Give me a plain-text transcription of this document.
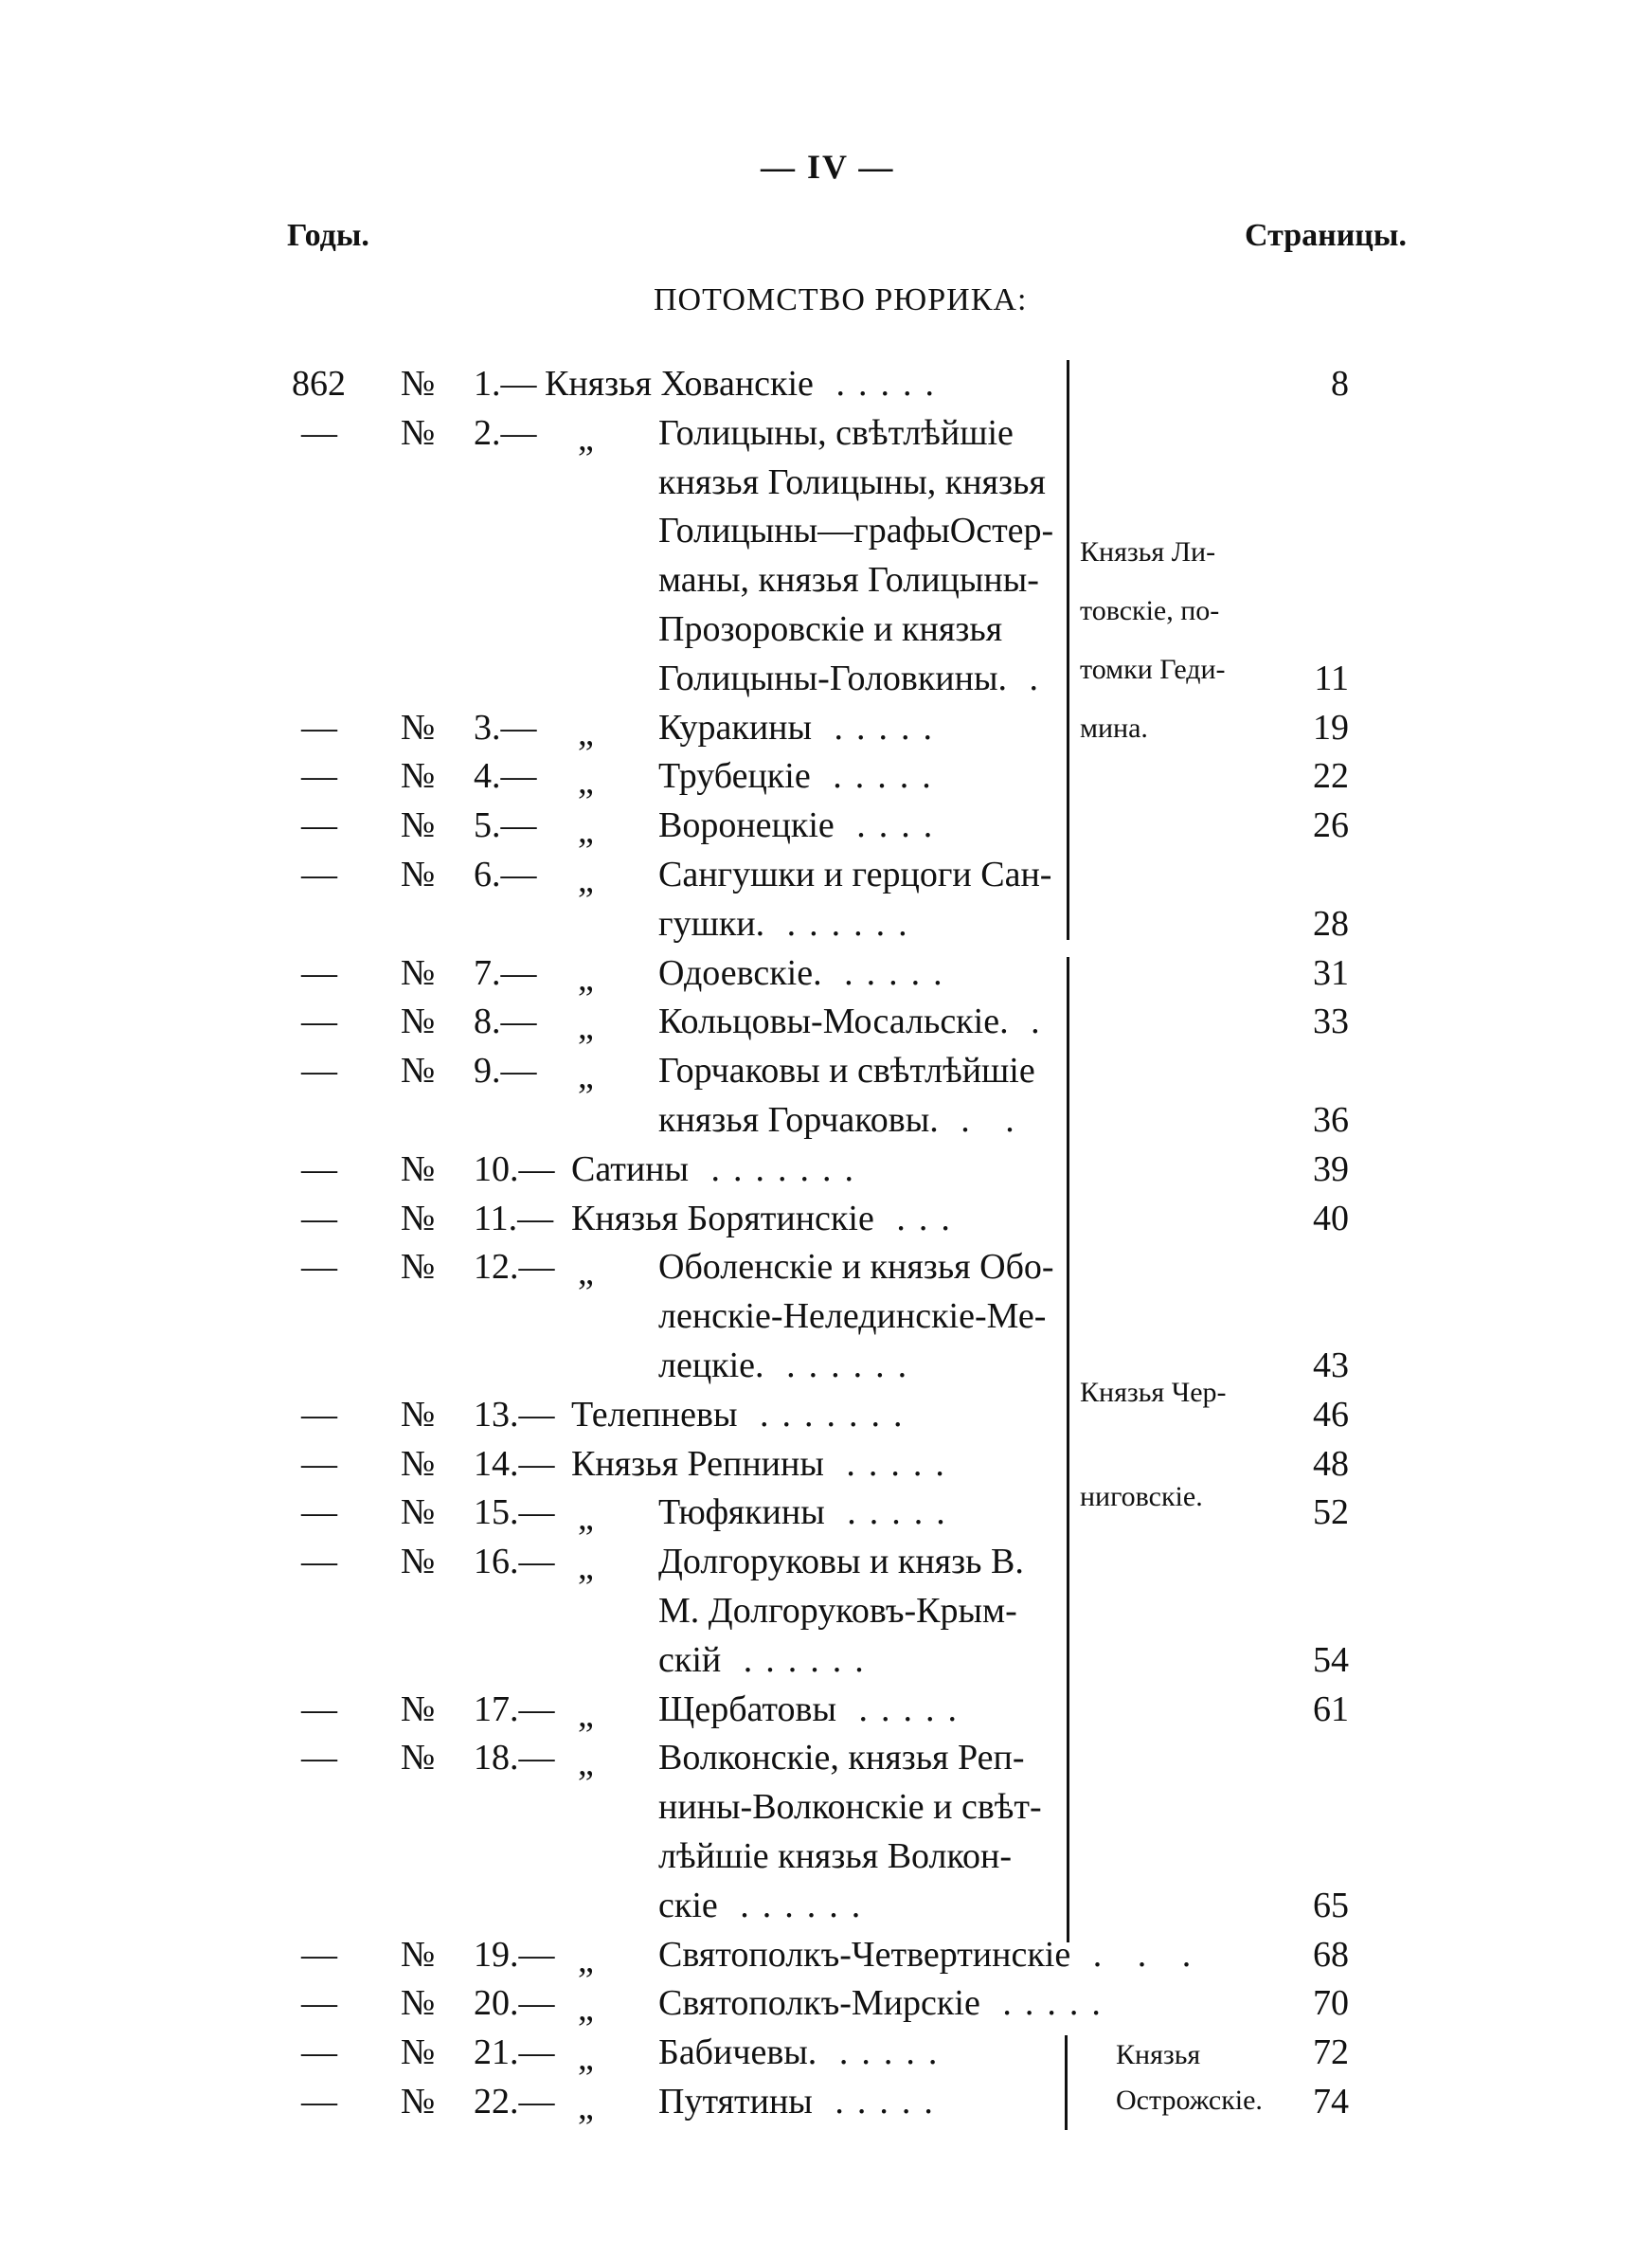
— IV —
Годы.	Страницы.
ПОТОМСТВО РЮРИКА:
862 № 1.— Князья Хованскіе .....	8
— № 2.— „ Голицыны, свѣтлѣйшіе
князья Голицыны, князья
Голицыны—графыОстер-
маны, князья Голицыны-
Прозоровскіе и князья
Голицыны-Головкины. .	11
— № 3.— „ Куракины .....	19
— № 4.— „ Трубецкіе .....	22
— № 5.— „ Воронецкіе ....	26
— № 6.— „ Сангушки и герцоги Сан-
гушки. ......	28
— № 7.— „ Одоевскіе. .....	31
— № 8.— „ Кольцовы-Мосальскіе. .	33
— № 9.— „ Горчаковы и свѣтлѣйшіе
князья Горчаковы. . .	36
— № 10.— Сатины .......	39
— № 11.— Князья Борятинскіе ...	40
— № 12.— „ Оболенскіе и князья Обо-
ленскіе-Нелединскіе-Ме-
лецкіе. ......	43
— № 13.— Телепневы .......	46
— № 14.— Князья Репнины .....	48
— № 15.— „ Тюфякины .....	52
— № 16.— „ Долгоруковы и князь В.
М. Долгоруковъ-Крым-
скій ......	54
— № 17.— „ Щербатовы .....	61
— № 18.— „ Волконскіе, князья Реп-
нины-Волконскіе и свѣт-
лѣйшіе князья Волкон-
скіе ......	65
— № 19.— „ Святополкъ-Четвертинскіе . . .	68
— № 20.— „ Святополкъ-Мирскіе .....	70
— № 21.— „ Бабичевы. .....	72
— № 22.— „ Путятины .....	74
Князья Ли-
товскіе, по-
томки Геди-
мина.
Князья Чер-
ниговскіе.
Князья
Острожскіе.
